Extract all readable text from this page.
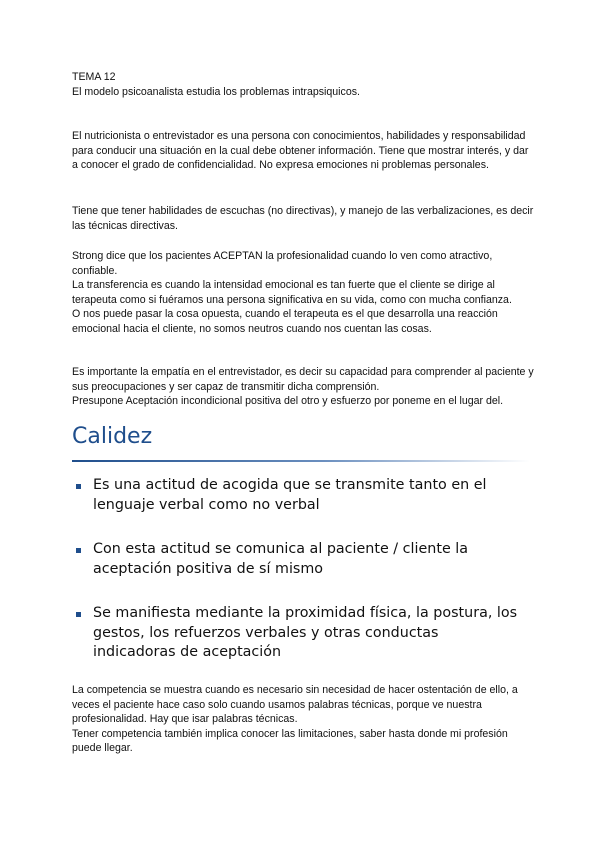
TEMA 12

El modelo psicoanalista estudia los problemas intrapsiquicos.

El nutricionista o entrevistador es una persona con conocimientos, habilidades y responsabilidad para conducir una situación en la cual debe obtener información. Tiene que mostrar interés, y dar a conocer el grado de confidencialidad. No expresa emociones ni problemas personales.

Tiene que tener habilidades de escuchas (no directivas), y manejo de las verbalizaciones, es decir las técnicas directivas.

Strong dice que los pacientes ACEPTAN la profesionalidad cuando lo ven como atractivo, confiable.

La transferencia es cuando la intensidad emocional es tan fuerte que el cliente se dirige al terapeuta como si fuéramos una persona significativa en su vida, como con mucha confianza.

O nos puede pasar la cosa opuesta, cuando el terapeuta es el que desarrolla una reacción emocional hacia el cliente, no somos neutros cuando nos cuentan las cosas.

Es importante la empatía en el entrevistador, es decir su capacidad para comprender al paciente y sus preocupaciones y ser capaz de transmitir dicha comprensión.

Presupone Aceptación incondicional positiva del otro y esfuerzo por poneme en el lugar del.

Calidez
Es una actitud de acogida que se transmite tanto en el lenguaje verbal como no verbal
Con esta actitud se comunica al paciente / cliente la aceptación positiva de sí mismo
Se manifiesta mediante la proximidad física, la postura, los gestos, los refuerzos verbales y otras conductas indicadoras de aceptación

La competencia se muestra cuando es necesario sin necesidad de hacer ostentación de ello, a veces el paciente hace caso solo cuando usamos palabras técnicas, porque ve nuestra profesionalidad. Hay que isar palabras técnicas.

Tener competencia también implica conocer las limitaciones, saber hasta donde mi profesión puede llegar.
